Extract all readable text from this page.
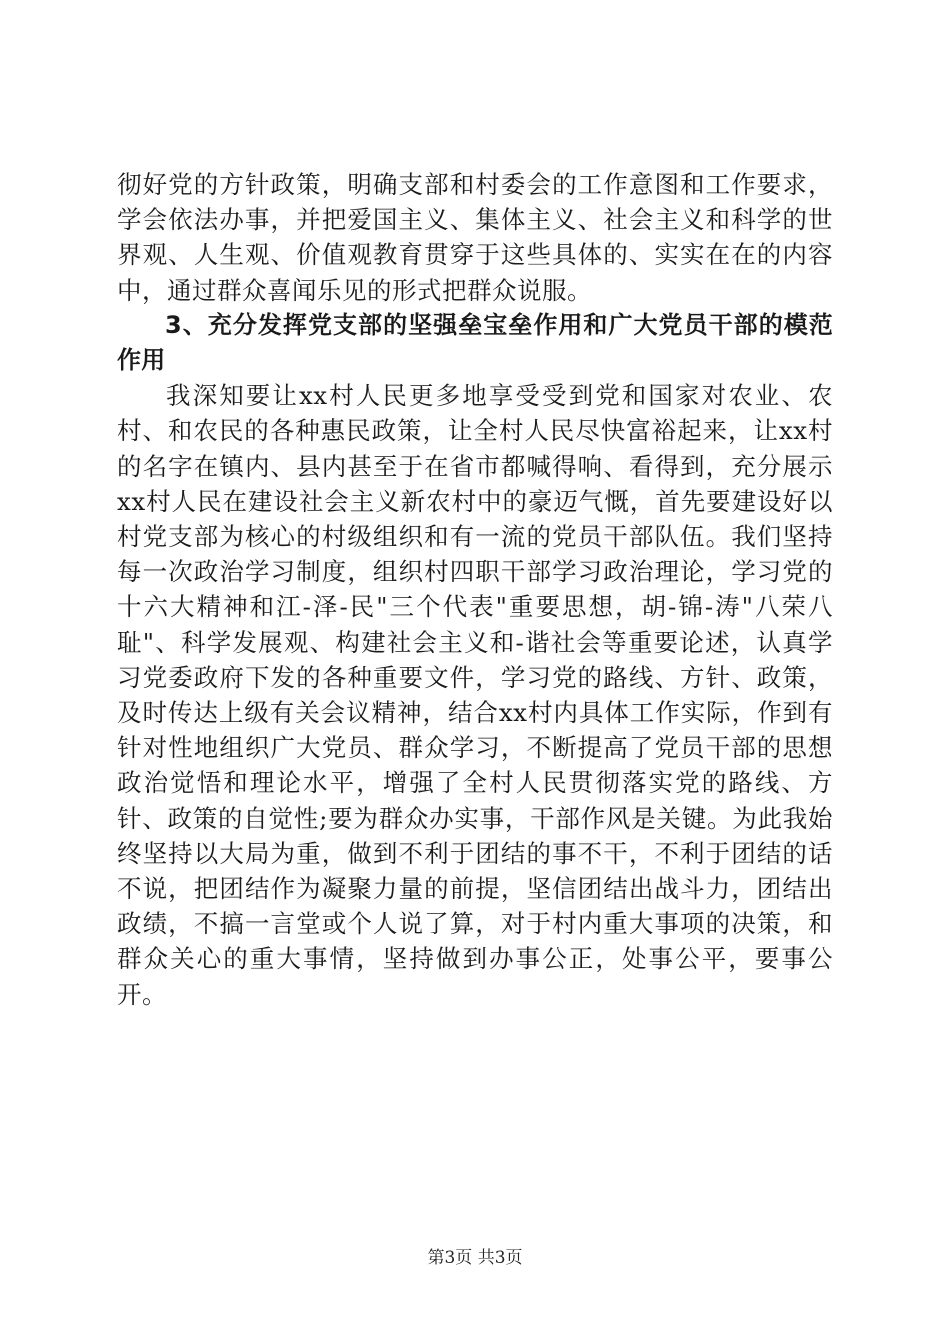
彻好党的方针政策，明确支部和村委会的工作意图和工作要求，学会依法办事，并把爱国主义、集体主义、社会主义和科学的世界观、人生观、价值观教育贯穿于这些具体的、实实在在的内容中，通过群众喜闻乐见的形式把群众说服。

3、充分发挥党支部的坚强垒宝垒作用和广大党员干部的模范作用

我深知要让xx村人民更多地享受受到党和国家对农业、农村、和农民的各种惠民政策，让全村人民尽快富裕起来，让xx村的名字在镇内、县内甚至于在省市都喊得响、看得到，充分展示xx村人民在建设社会主义新农村中的豪迈气慨，首先要建设好以村党支部为核心的村级组织和有一流的党员干部队伍。我们坚持每一次政治学习制度，组织村四职干部学习政治理论，学习党的十六大精神和江-泽-民"三个代表"重要思想，胡-锦-涛"八荣八耻"、科学发展观、构建社会主义和-谐社会等重要论述，认真学习党委政府下发的各种重要文件，学习党的路线、方针、政策，及时传达上级有关会议精神，结合xx村内具体工作实际，作到有针对性地组织广大党员、群众学习，不断提高了党员干部的思想政治觉悟和理论水平，增强了全村人民贯彻落实党的路线、方针、政策的自觉性;要为群众办实事，干部作风是关键。为此我始终坚持以大局为重，做到不利于团结的事不干，不利于团结的话不说，把团结作为凝聚力量的前提，坚信团结出战斗力，团结出政绩，不搞一言堂或个人说了算，对于村内重大事项的决策，和群众关心的重大事情，坚持做到办事公正，处事公平，要事公开。

第3页 共3页
